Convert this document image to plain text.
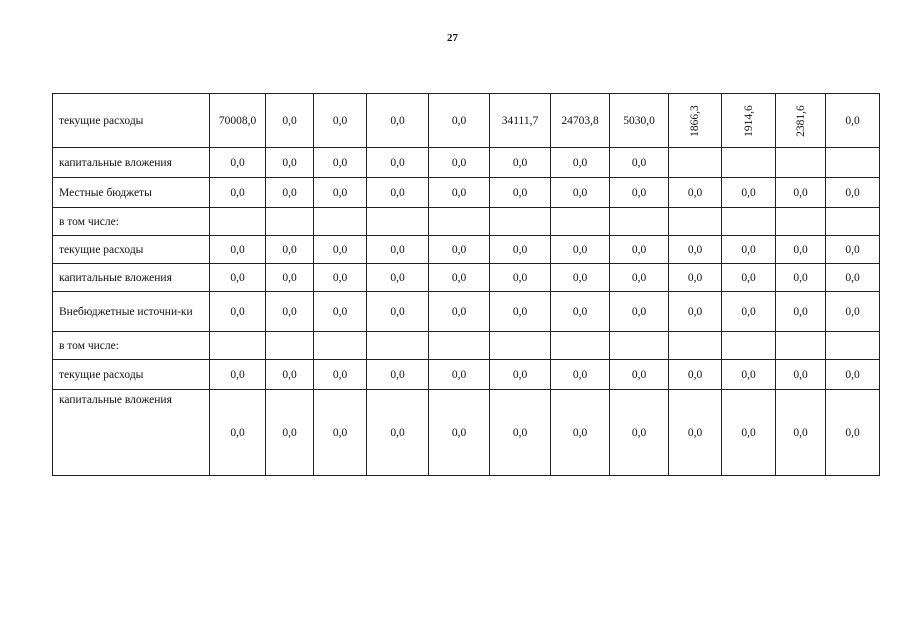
27
текущие расходы	70008,0	0,0	0,0	0,0	0,0	34111,7	24703,8	5030,0	1866,3	1914,6	2381,6	0,0
капитальные вложения	0,0	0,0	0,0	0,0	0,0	0,0	0,0	0,0				
Местные бюджеты	0,0	0,0	0,0	0,0	0,0	0,0	0,0	0,0	0,0	0,0	0,0	0,0
в том числе:												
текущие расходы	0,0	0,0	0,0	0,0	0,0	0,0	0,0	0,0	0,0	0,0	0,0	0,0
капитальные вложения	0,0	0,0	0,0	0,0	0,0	0,0	0,0	0,0	0,0	0,0	0,0	0,0
Внебюджетные источни-ки	0,0	0,0	0,0	0,0	0,0	0,0	0,0	0,0	0,0	0,0	0,0	0,0
в том числе:												
текущие расходы	0,0	0,0	0,0	0,0	0,0	0,0	0,0	0,0	0,0	0,0	0,0	0,0
капитальные вложения	0,0	0,0	0,0	0,0	0,0	0,0	0,0	0,0	0,0	0,0	0,0	0,0
